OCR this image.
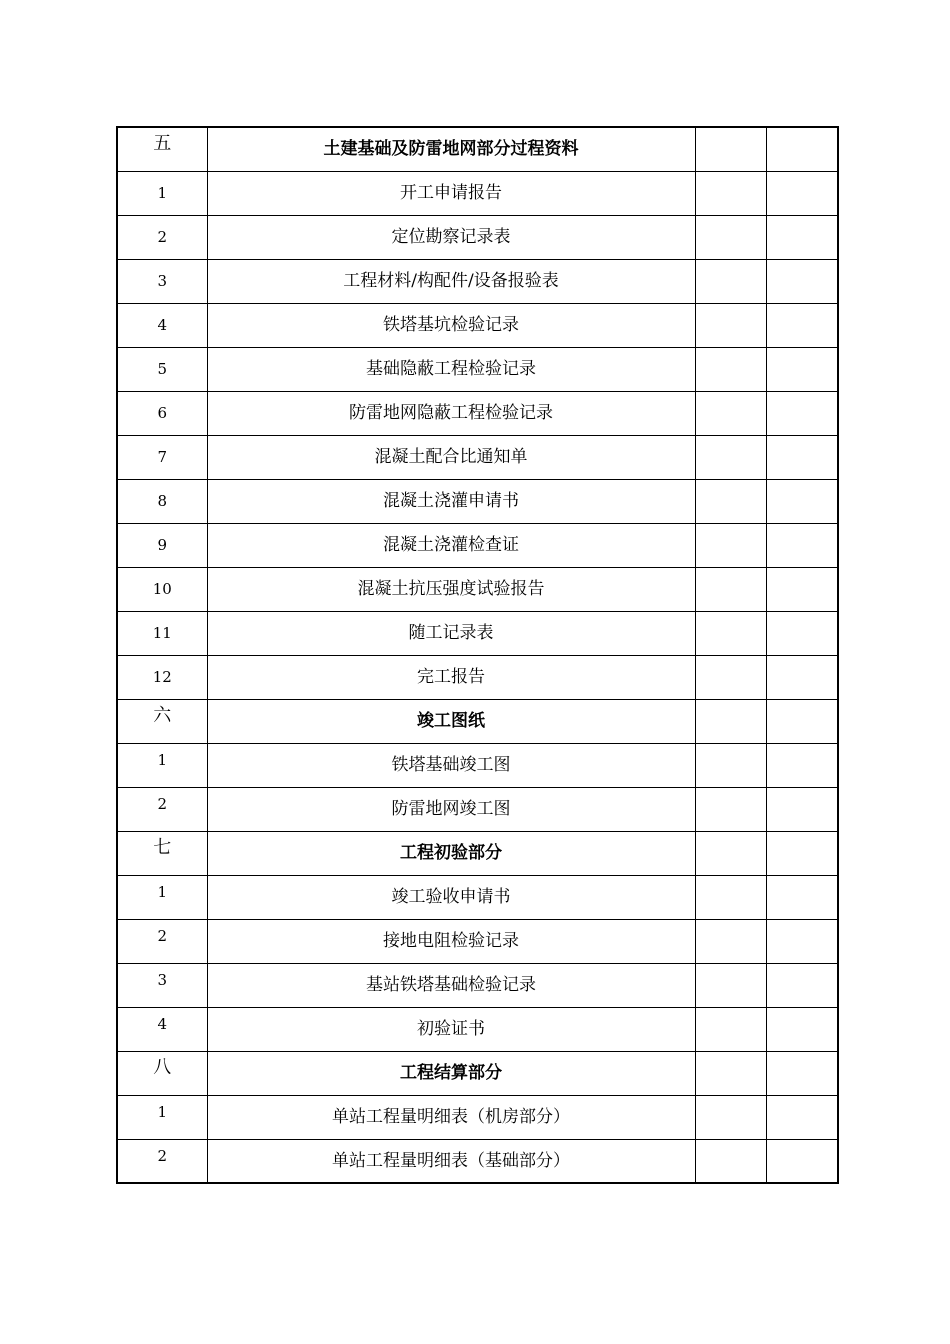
五	土建基础及防雷地网部分过程资料		
1	开工申请报告		
2	定位勘察记录表		
3	工程材料/构配件/设备报验表		
4	铁塔基坑检验记录		
5	基础隐蔽工程检验记录		
6	防雷地网隐蔽工程检验记录		
7	混凝土配合比通知单		
8	混凝土浇灌申请书		
9	混凝土浇灌检查证		
10	混凝土抗压强度试验报告		
11	随工记录表		
12	完工报告		
六	竣工图纸		
1	铁塔基础竣工图		
2	防雷地网竣工图		
七	工程初验部分		
1	竣工验收申请书		
2	接地电阻检验记录		
3	基站铁塔基础检验记录		
4	初验证书		
八	工程结算部分		
1	单站工程量明细表（机房部分）		
2	单站工程量明细表（基础部分）		
